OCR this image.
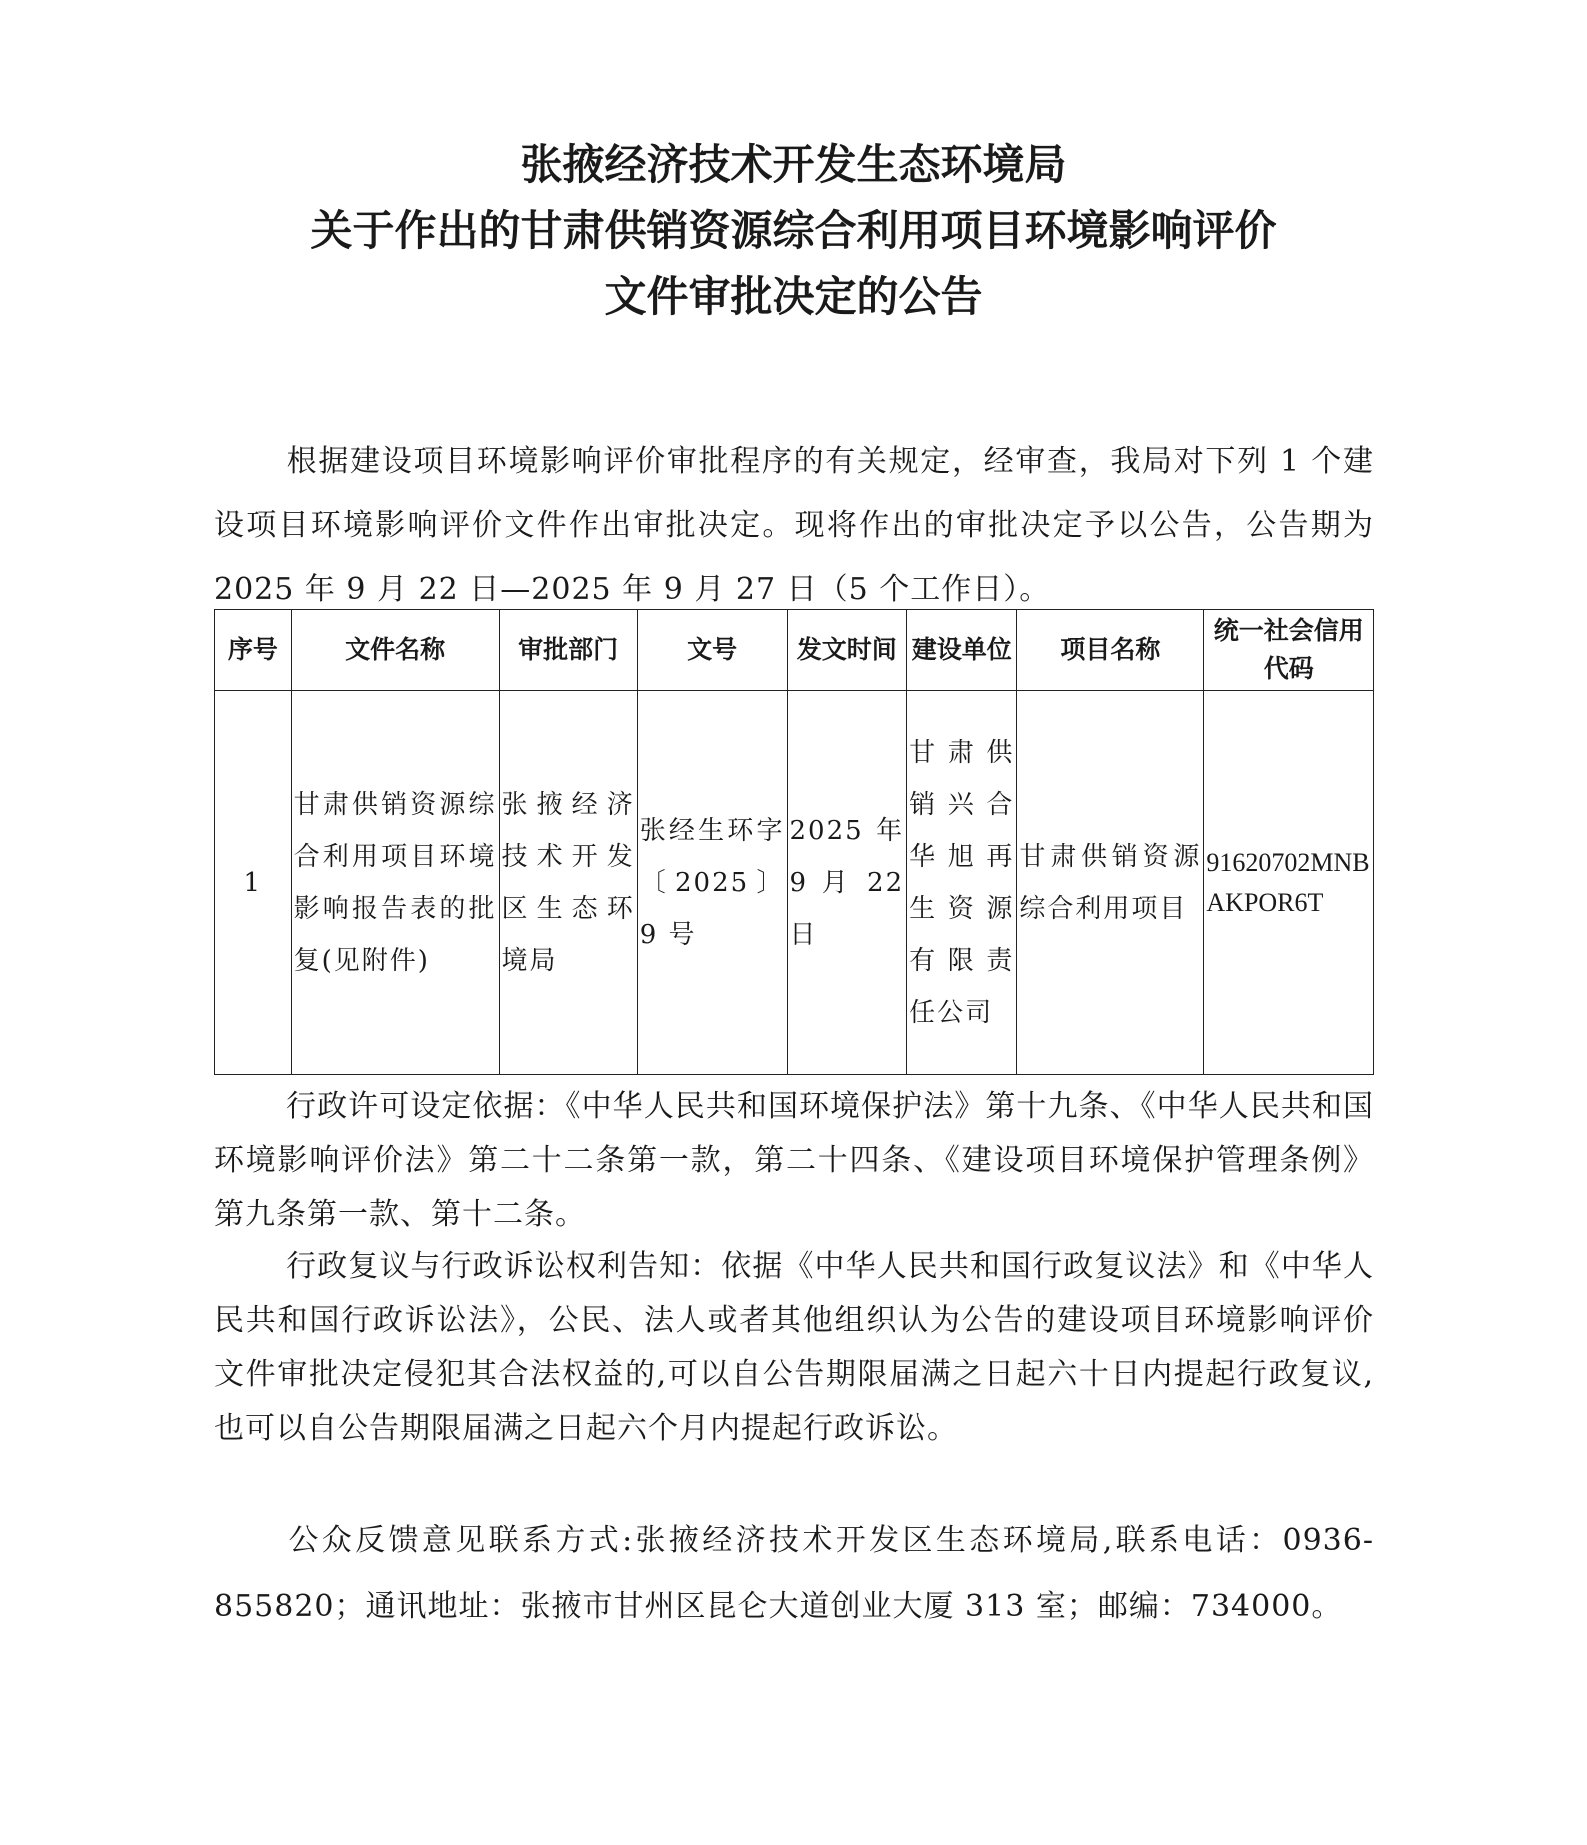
张掖经济技术开发生态环境局
关于作出的甘肃供销资源综合利用项目环境影响评价
文件审批决定的公告
根据建设项目环境影响评价审批程序的有关规定，经审查，我局对下列 1 个建设项目环境影响评价文件作出审批决定。现将作出的审批决定予以公告，公告期为 2025 年 9 月 22 日—2025 年 9 月 27 日（5 个工作日）。
序号	文件名称	审批部门	文号	发文时间	建设单位	项目名称	统一社会信用代码
1	甘肃供销资源综合利用项目环境影响报告表的批复(见附件)	张掖经济技术开发区生态环境局	张经生环字〔2025〕9 号	2025 年 9 月 22 日	甘肃供销兴合华旭再生资源有限责任公司	甘肃供销资源综合利用项目	91620702MNBAKPOR6T
行政许可设定依据：《中华人民共和国环境保护法》第十九条、《中华人民共和国环境影响评价法》第二十二条第一款，第二十四条、《建设项目环境保护管理条例》第九条第一款、第十二条。
行政复议与行政诉讼权利告知：依据《中华人民共和国行政复议法》和《中华人民共和国行政诉讼法》，公民、法人或者其他组织认为公告的建设项目环境影响评价文件审批决定侵犯其合法权益的,可以自公告期限届满之日起六十日内提起行政复议,也可以自公告期限届满之日起六个月内提起行政诉讼。
公众反馈意见联系方式:张掖经济技术开发区生态环境局,联系电话：0936-855820；通讯地址：张掖市甘州区昆仑大道创业大厦 313 室；邮编：734000。
